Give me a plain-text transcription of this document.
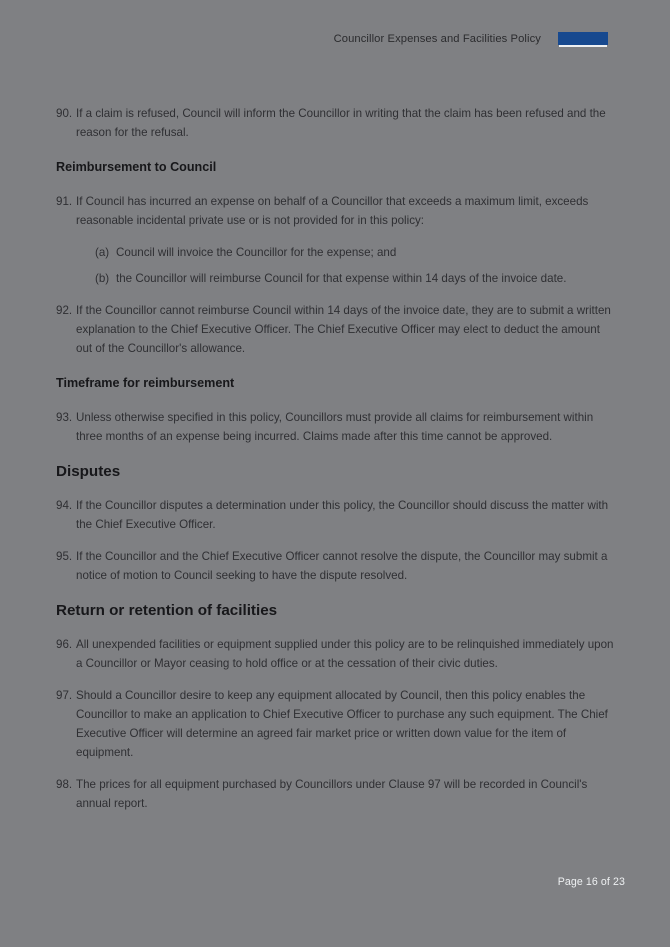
Councillor Expenses and Facilities Policy
90. If a claim is refused, Council will inform the Councillor in writing that the claim has been refused and the reason for the refusal.
Reimbursement to Council
91. If Council has incurred an expense on behalf of a Councillor that exceeds a maximum limit, exceeds reasonable incidental private use or is not provided for in this policy:
(a) Council will invoice the Councillor for the expense; and
(b) the Councillor will reimburse Council for that expense within 14 days of the invoice date.
92. If the Councillor cannot reimburse Council within 14 days of the invoice date, they are to submit a written explanation to the Chief Executive Officer. The Chief Executive Officer may elect to deduct the amount out of the Councillor's allowance.
Timeframe for reimbursement
93. Unless otherwise specified in this policy, Councillors must provide all claims for reimbursement within three months of an expense being incurred. Claims made after this time cannot be approved.
Disputes
94. If the Councillor disputes a determination under this policy, the Councillor should discuss the matter with the Chief Executive Officer.
95. If the Councillor and the Chief Executive Officer cannot resolve the dispute, the Councillor may submit a notice of motion to Council seeking to have the dispute resolved.
Return or retention of facilities
96. All unexpended facilities or equipment supplied under this policy are to be relinquished immediately upon a Councillor or Mayor ceasing to hold office or at the cessation of their civic duties.
97. Should a Councillor desire to keep any equipment allocated by Council, then this policy enables the Councillor to make an application to Chief Executive Officer to purchase any such equipment. The Chief Executive Officer will determine an agreed fair market price or written down value for the item of equipment.
98. The prices for all equipment purchased by Councillors under Clause 97 will be recorded in Council's annual report.
Page 16 of 23
